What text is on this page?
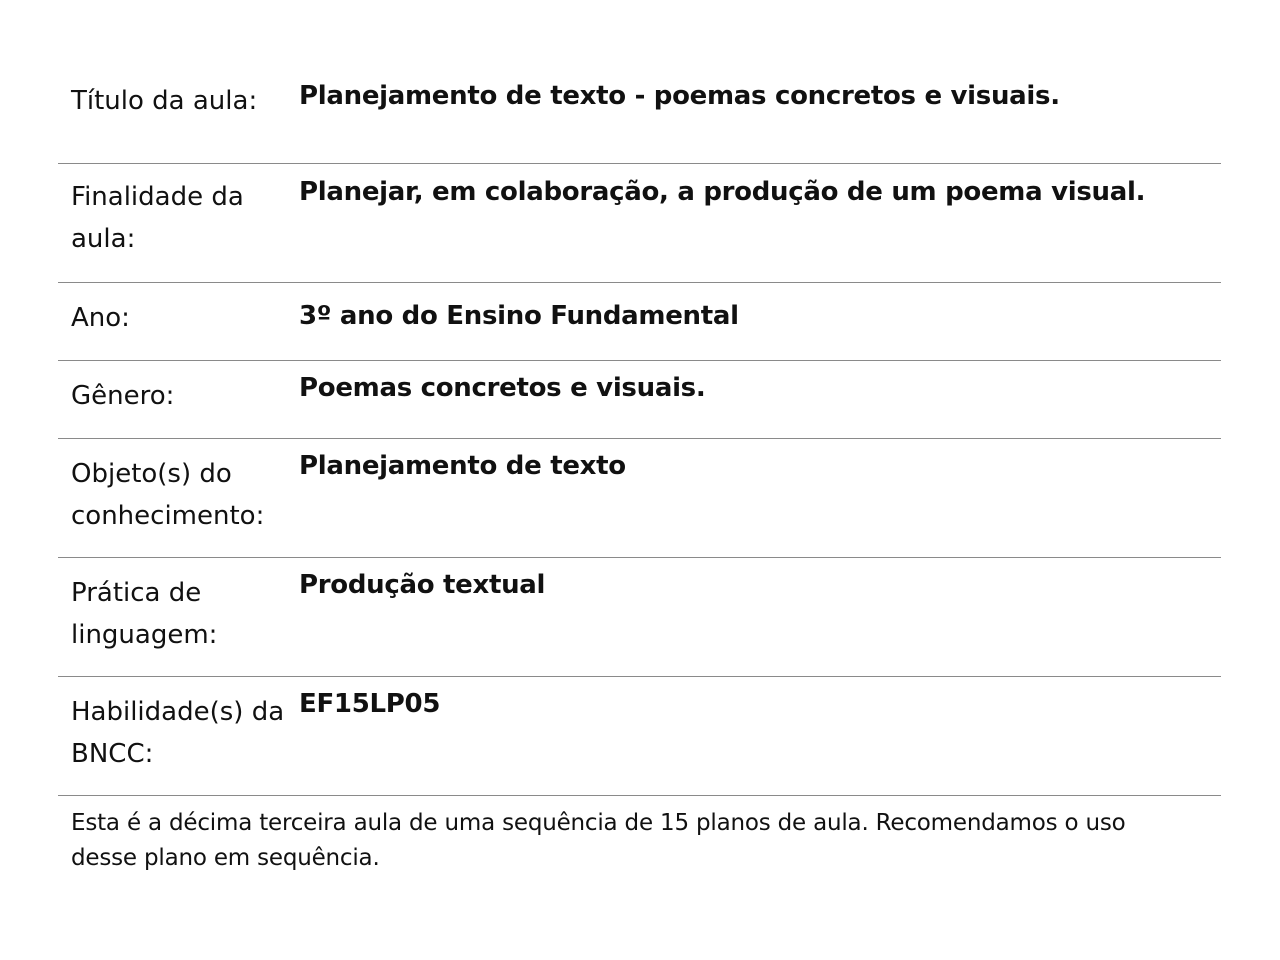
Título da aula:	Planejamento de texto - poemas concretos e visuais.
Finalidade da aula:
Planejar, em colaboração, a produção de um poema visual.
Ano:	3º ano do Ensino Fundamental
Gênero:	Poemas concretos e visuais.
Objeto(s) do conhecimento:
Planejamento de texto
Prática de linguagem:
Produção textual
Habilidade(s) da BNCC:
EF15LP05
Esta é a décima terceira aula de uma sequência de 15 planos de aula. Recomendamos o uso desse plano em sequência.
